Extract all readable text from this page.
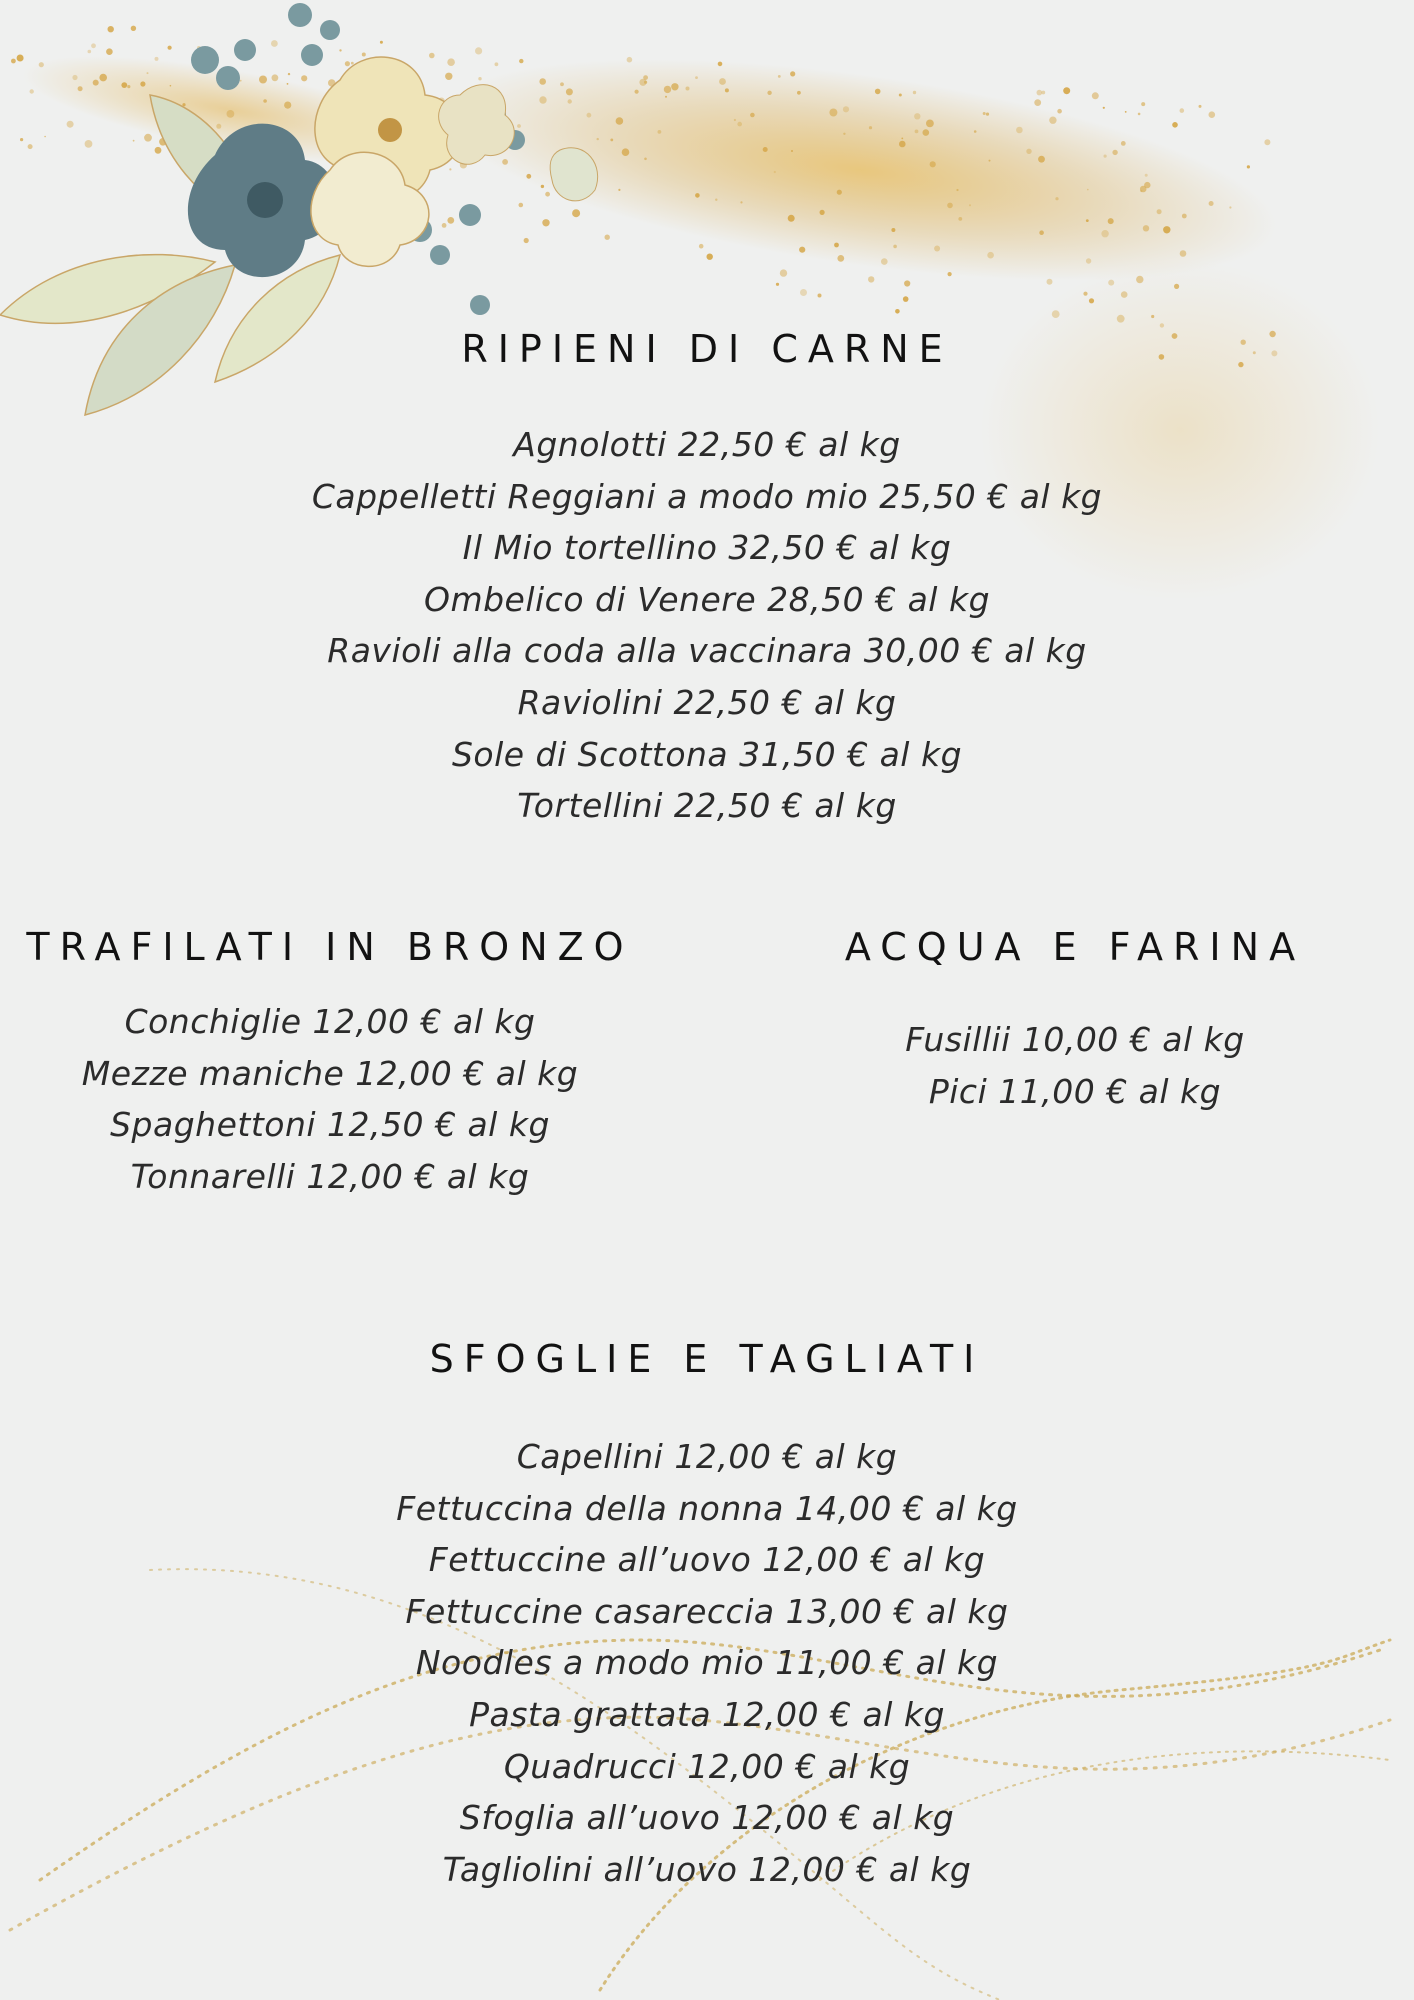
RIPIENI DI CARNE
Agnolotti 22,50 € al kg
Cappelletti Reggiani a modo mio 25,50 € al kg
Il Mio tortellino 32,50 € al kg
Ombelico di Venere 28,50 € al kg
Ravioli alla coda alla vaccinara 30,00 € al kg
Raviolini 22,50 € al kg
Sole di Scottona 31,50 € al kg
Tortellini 22,50 € al kg
TRAFILATI IN BRONZO
Conchiglie 12,00 € al kg
Mezze maniche 12,00 € al kg
Spaghettoni 12,50 € al kg
Tonnarelli 12,00 € al kg
ACQUA E FARINA
Fusillii 10,00 € al kg
Pici 11,00 € al kg
SFOGLIE E TAGLIATI
Capellini 12,00 € al kg
Fettuccina della nonna 14,00 € al kg
Fettuccine all’uovo 12,00 € al kg
Fettuccine casareccia 13,00 € al kg
Noodles a modo mio 11,00 € al kg
Pasta grattata 12,00 € al kg
Quadrucci 12,00 € al kg
Sfoglia all’uovo 12,00 € al kg
Tagliolini all’uovo 12,00 € al kg
